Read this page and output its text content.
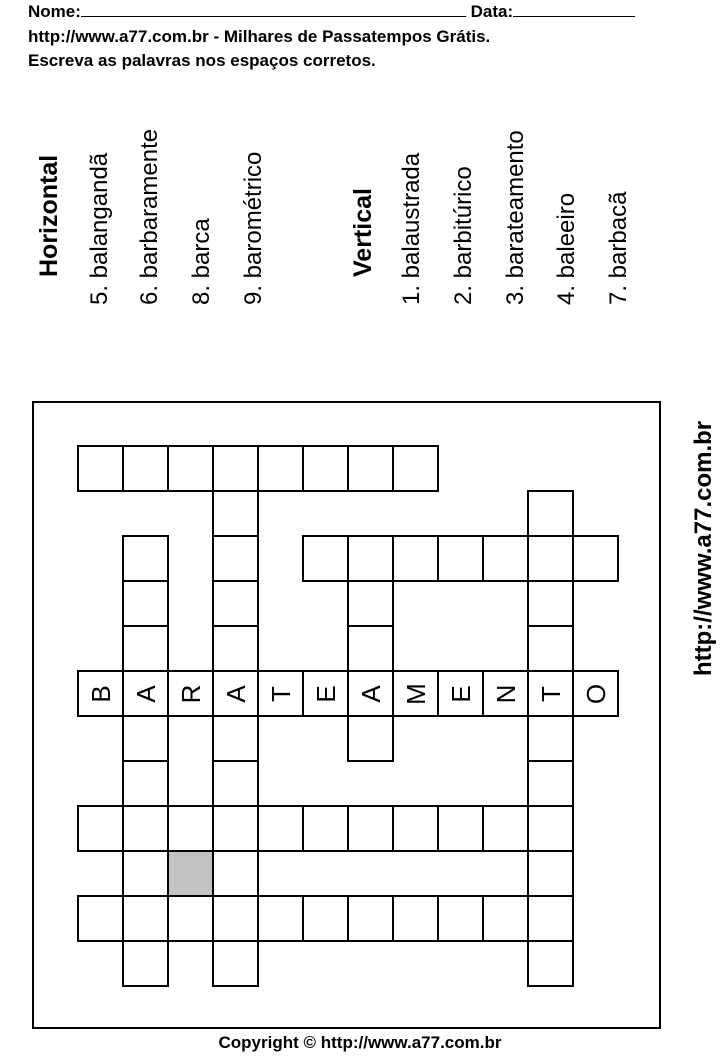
Nome:	Data:
http://www.a77.com.br - Milhares de Passatempos Grátis.
Escreva as palavras nos espaços corretos.
Horizontal 5. balangandã 6. barbaramente 8. barca 9. barométrico	Vertical 1. balaustrada 2. barbitúrico 3. barateamento 4. baleeiro 7. barbacã
http://www.a77.com.br
A	T
A
B R T E M E N O
A
Copyright © http://www.a77.com.br
